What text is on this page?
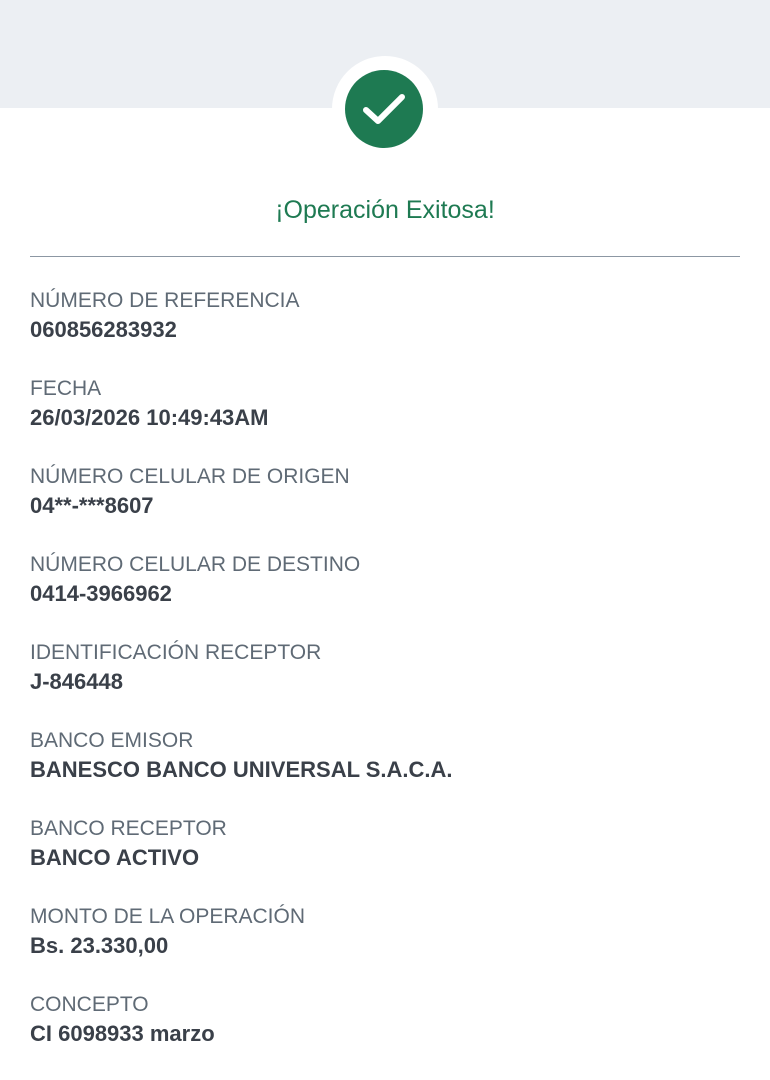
¡Operación Exitosa!
NÚMERO DE REFERENCIA
060856283932
FECHA
26/03/2026 10:49:43AM
NÚMERO CELULAR DE ORIGEN
04**-***8607
NÚMERO CELULAR DE DESTINO
0414-3966962
IDENTIFICACIÓN RECEPTOR
J-846448
BANCO EMISOR
BANESCO BANCO UNIVERSAL S.A.C.A.
BANCO RECEPTOR
BANCO ACTIVO
MONTO DE LA OPERACIÓN
Bs. 23.330,00
CONCEPTO
CI 6098933 marzo
